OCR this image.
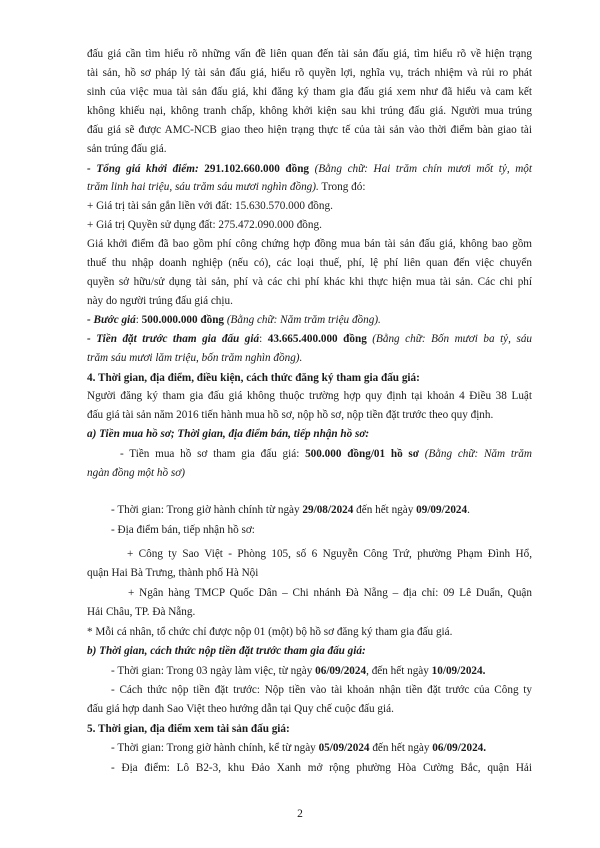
đấu giá cần tìm hiểu rõ những vấn đề liên quan đến tài sản đấu giá, tìm hiểu rõ về hiện trạng
tài sản, hồ sơ pháp lý tài sản đấu giá, hiểu rõ quyền lợi, nghĩa vụ, trách nhiệm và rủi ro phát
sinh của việc mua tài sản đấu giá, khi đăng ký tham gia đấu giá xem như đã hiểu và cam kết
không khiếu nại, không tranh chấp, không khởi kiện sau khi trúng đấu giá. Người mua trúng
đấu giá sẽ được AMC-NCB giao theo hiện trạng thực tế của tài sản vào thời điểm bàn giao tài
sản trúng đấu giá.
- Tổng giá khởi điểm: 291.102.660.000 đồng (Bằng chữ: Hai trăm chín mươi mốt tỷ, một
trăm linh hai triệu, sáu trăm sáu mươi nghìn đồng). Trong đó:
+ Giá trị tài sản gắn liền với đất: 15.630.570.000 đồng.
+ Giá trị Quyền sử dụng đất: 275.472.090.000 đồng.
Giá khởi điểm đã bao gồm phí công chứng hợp đồng mua bán tài sản đấu giá, không bao gồm
thuế thu nhập doanh nghiệp (nếu có), các loại thuế, phí, lệ phí liên quan đến việc chuyển
quyền sở hữu/sử dụng tài sản, phí và các chi phí khác khi thực hiện mua tài sản. Các chi phí
này do người trúng đấu giá chịu.
- Bước giá: 500.000.000 đồng (Bằng chữ: Năm trăm triệu đồng).
- Tiền đặt trước tham gia đấu giá: 43.665.400.000 đồng (Bằng chữ: Bốn mươi ba tỷ, sáu
trăm sáu mươi lăm triệu, bốn trăm nghìn đồng).
4. Thời gian, địa điểm, điều kiện, cách thức đăng ký tham gia đấu giá:
Người đăng ký tham gia đấu giá không thuộc trường hợp quy định tại khoản 4 Điều 38 Luật
đấu giá tài sản năm 2016 tiến hành mua hồ sơ, nộp hồ sơ, nộp tiền đặt trước theo quy định.
a) Tiền mua hồ sơ; Thời gian, địa điểm bán, tiếp nhận hồ sơ:
- Tiền mua hồ sơ tham gia đấu giá: 500.000 đồng/01 hồ sơ (Bằng chữ: Năm trăm
ngàn đồng một hồ sơ)
- Thời gian: Trong giờ hành chính từ ngày 29/08/2024 đến hết ngày 09/09/2024.
- Địa điểm bán, tiếp nhận hồ sơ:
+ Công ty Sao Việt - Phòng 105, số 6 Nguyễn Công Trứ, phường Phạm Đình Hổ,
quận Hai Bà Trưng, thành phố Hà Nội
+ Ngân hàng TMCP Quốc Dân – Chi nhánh Đà Nẵng – địa chỉ: 09 Lê Duẩn, Quận
Hải Châu, TP. Đà Nẵng.
* Mỗi cá nhân, tổ chức chỉ được nộp 01 (một) bộ hồ sơ đăng ký tham gia đấu giá.
b) Thời gian, cách thức nộp tiền đặt trước tham gia đấu giá:
- Thời gian: Trong 03 ngày làm việc, từ ngày 06/09/2024, đến hết ngày 10/09/2024.
- Cách thức nộp tiền đặt trước: Nộp tiền vào tài khoản nhận tiền đặt trước của Công ty
đấu giá hợp danh Sao Việt theo hướng dẫn tại Quy chế cuộc đấu giá.
5. Thời gian, địa điểm xem tài sản đấu giá:
- Thời gian: Trong giờ hành chính, kể từ ngày 05/09/2024 đến hết ngày 06/09/2024.
- Địa điểm: Lô B2-3, khu Đảo Xanh mở rộng phường Hòa Cường Bắc, quận Hải
2
